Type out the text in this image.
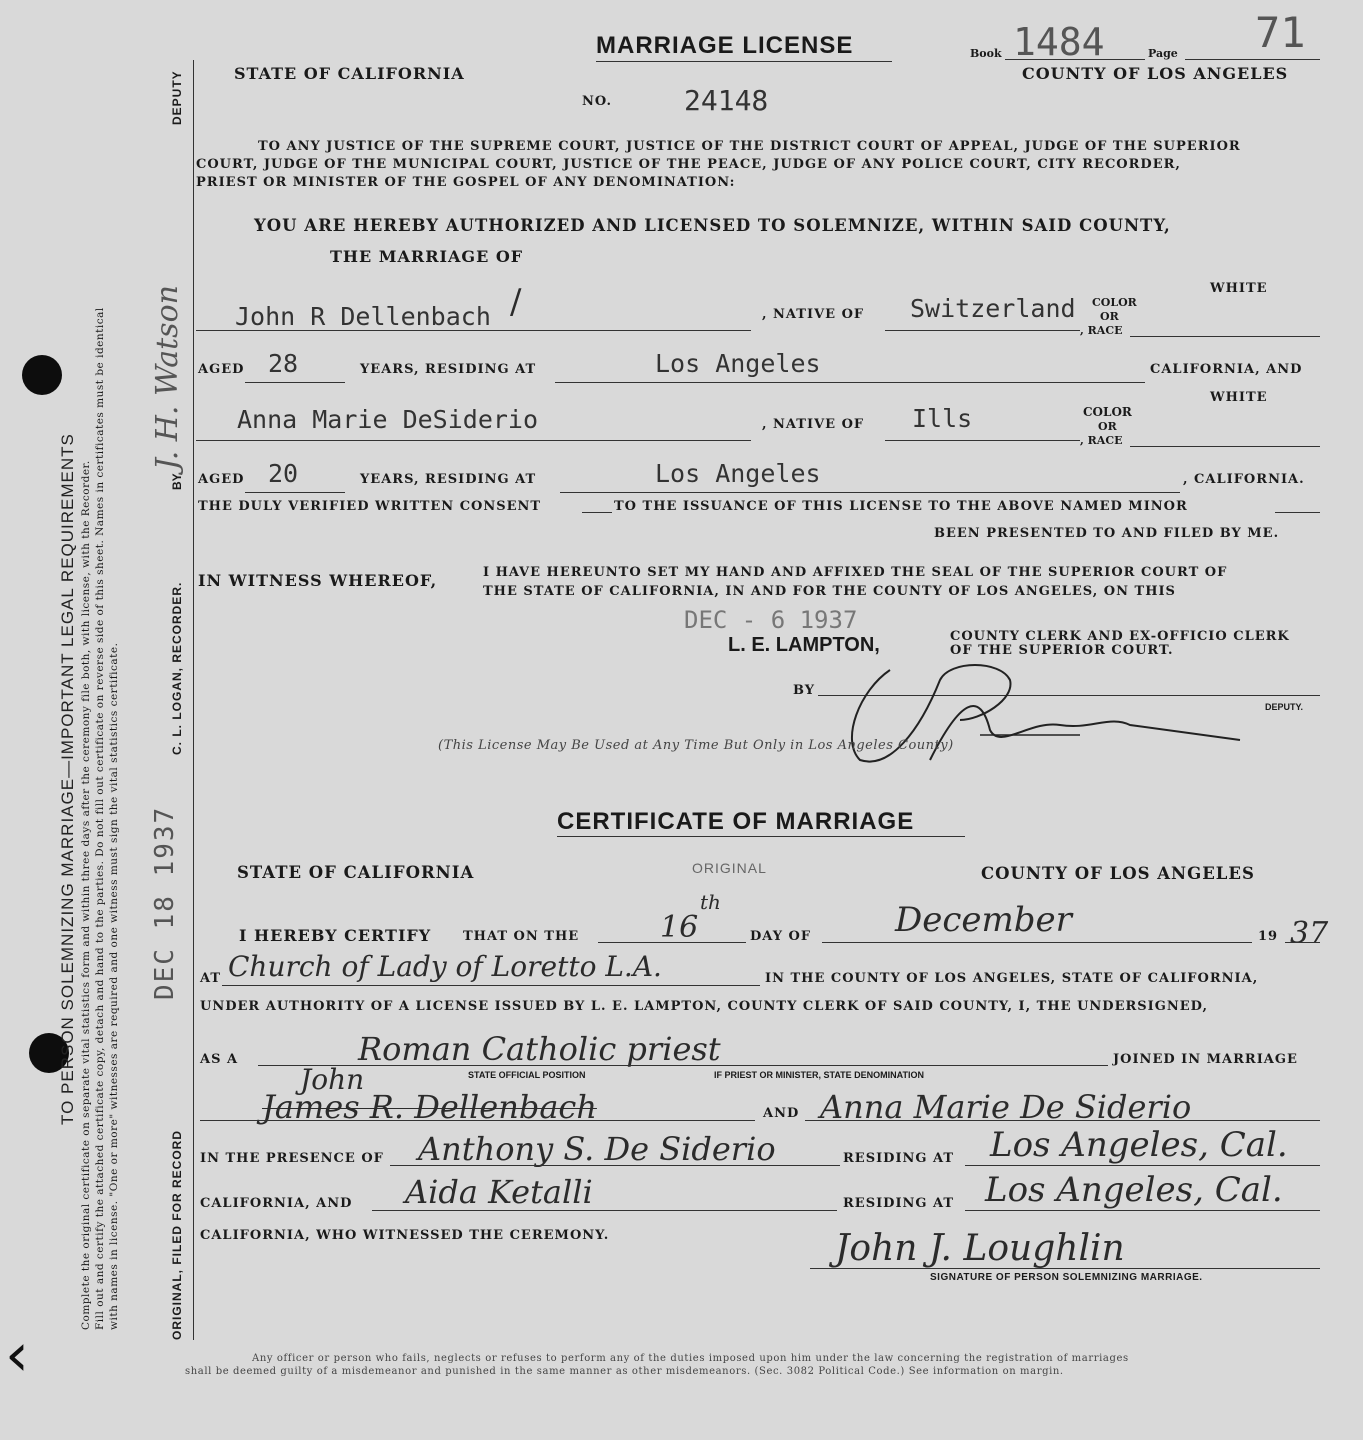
‹
with names in license. "One or more" witnesses are required and one witness must sign the vital statistics certificate.
Fill out and certify the attached certificate copy, detach and hand to the parties. Do not fill out certificate on reverse side of this sheet. Names in certificates must be identical
Complete the original certificate on separate vital statistics form and within three days after the ceremony file both, with license, with the Recorder.
TO PERSON SOLEMNIZING MARRIAGE—IMPORTANT LEGAL REQUIREMENTS
ORIGINAL, FILED FOR RECORD
DEC 18 1937
C. L. LOGAN, RECORDER.
BY
J. H. Watson
DEPUTY
MARRIAGE LICENSE
STATE OF CALIFORNIA
Book 1484	Page 71
COUNTY OF LOS ANGELES
NO.	24148
TO ANY JUSTICE OF THE SUPREME COURT, JUSTICE OF THE DISTRICT COURT OF APPEAL, JUDGE OF THE SUPERIOR
COURT, JUDGE OF THE MUNICIPAL COURT, JUSTICE OF THE PEACE, JUDGE OF ANY POLICE COURT, CITY RECORDER,
PRIEST OR MINISTER OF THE GOSPEL OF ANY DENOMINATION:
YOU ARE HEREBY AUTHORIZED AND LICENSED TO SOLEMNIZE, WITHIN SAID COUNTY,
THE MARRIAGE OF
John R Dellenbach /	, NATIVE OF Switzerland COLOR
OR
, RACE
WHITE
AGED 28	YEARS, RESIDING AT	Los Angeles	CALIFORNIA, AND
Anna Marie DeSiderio	, NATIVE OF Ills	COLOR
OR
, RACE
WHITE
AGED 20	YEARS, RESIDING AT	Los Angeles	, CALIFORNIA.
THE DULY VERIFIED WRITTEN CONSENT	TO THE ISSUANCE OF THIS LICENSE TO THE ABOVE NAMED MINOR
BEEN PRESENTED TO AND FILED BY ME.
IN WITNESS WHEREOF,	I HAVE HEREUNTO SET MY HAND AND AFFIXED THE SEAL OF THE SUPERIOR COURT OF
THE STATE OF CALIFORNIA, IN AND FOR THE COUNTY OF LOS ANGELES, ON THIS
DEC - 6 1937
L. E. LAMPTON,	COUNTY CLERK AND EX-OFFICIO CLERK
OF THE SUPERIOR COURT.
BY
DEPUTY.
(This License May Be Used at Any Time But Only in Los Angeles County)
CERTIFICATE OF MARRIAGE
STATE OF CALIFORNIA	ORIGINAL	COUNTY OF LOS ANGELES
I HEREBY CERTIFY THAT ON THE	16
th
DAY OF December	19 37
AT Church of Lady of Loretto L.A.	IN THE COUNTY OF LOS ANGELES, STATE OF CALIFORNIA,
UNDER AUTHORITY OF A LICENSE ISSUED BY L. E. LAMPTON, COUNTY CLERK OF SAID COUNTY, I, THE UNDERSIGNED,
AS A	Roman Catholic priest	JOINED IN MARRIAGE
STATE OFFICIAL POSITION	IF PRIEST OR MINISTER, STATE DENOMINATION
John
James R. Dellenbach	AND Anna Marie De Siderio
IN THE PRESENCE OF Anthony S. De Siderio	RESIDING AT Los Angeles, Cal.
CALIFORNIA, AND Aida Ketalli	RESIDING AT Los Angeles, Cal.
CALIFORNIA, WHO WITNESSED THE CEREMONY.	John J. Loughlin
SIGNATURE OF PERSON SOLEMNIZING MARRIAGE.
Any officer or person who fails, neglects or refuses to perform any of the duties imposed upon him under the law concerning the registration of marriages
shall be deemed guilty of a misdemeanor and punished in the same manner as other misdemeanors. (Sec. 3082 Political Code.) See information on margin.
